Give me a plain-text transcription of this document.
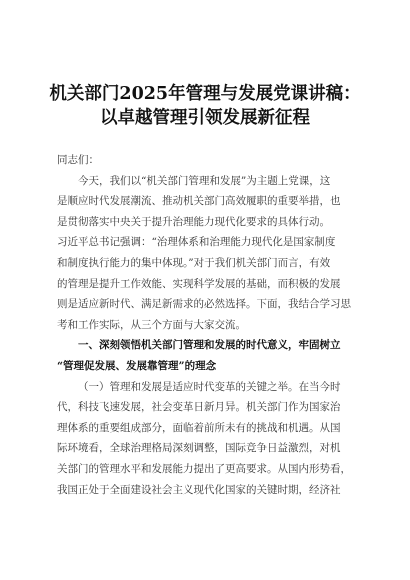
机关部门2025年管理与发展党课讲稿：
以卓越管理引领发展新征程
同志们：
今天，我们以“机关部门管理和发展”为主题上党课，这
是顺应时代发展潮流、推动机关部门高效履职的重要举措，也
是贯彻落实中央关于提升治理能力现代化要求的具体行动。
习近平总书记强调：“治理体系和治理能力现代化是国家制度
和制度执行能力的集中体现。”对于我们机关部门而言，有效
的管理是提升工作效能、实现科学发展的基础，而积极的发展
则是适应新时代、满足新需求的必然选择。下面，我结合学习思
考和工作实际，从三个方面与大家交流。
一、深刻领悟机关部门管理和发展的时代意义，牢固树立
“管理促发展、发展靠管理”的理念
（一）管理和发展是适应时代变革的关键之举。在当今时
代，科技飞速发展，社会变革日新月异。机关部门作为国家治
理体系的重要组成部分，面临着前所未有的挑战和机遇。从国
际环境看，全球治理格局深刻调整，国际竞争日益激烈，对机
关部门的管理水平和发展能力提出了更高要求。从国内形势看，
我国正处于全面建设社会主义现代化国家的关键时期，经济社
